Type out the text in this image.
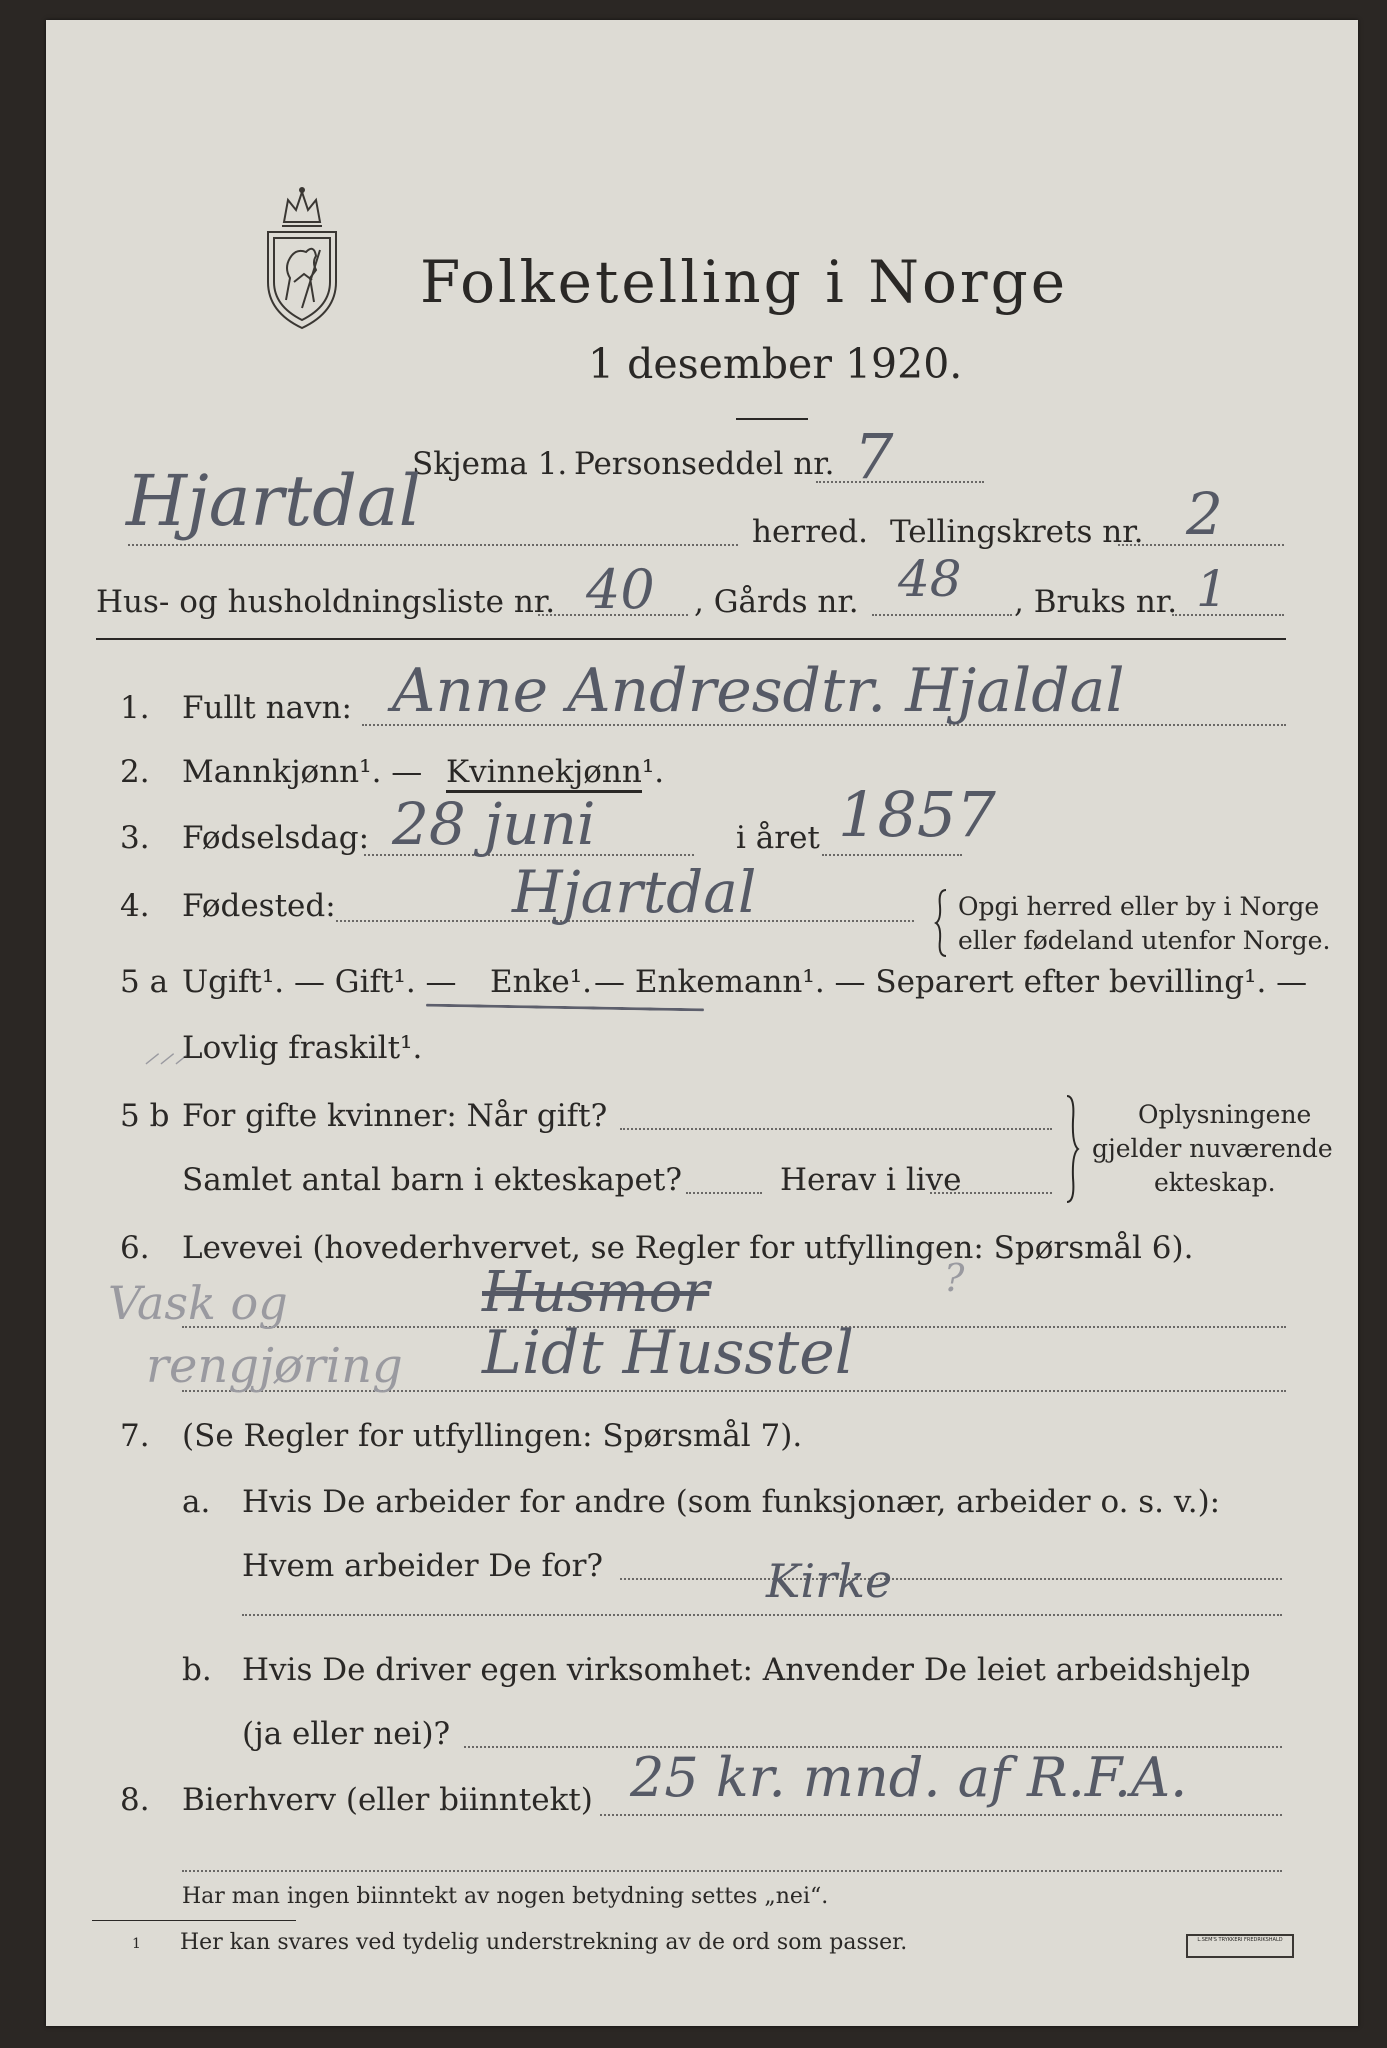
Folketelling i Norge
1 desember 1920.
Skjema 1. Personseddel nr. 7
Hjartdal	herred. Tellingskrets nr. 2
Hus- og husholdningsliste nr. 40 , Gårds nr. 48 , Bruks nr. 1
1. Fullt navn: Anne Andresdtr. Hjaldal
2. Mannkjønn¹. — Kvinnekjønn¹.
3. Fødselsdag: 28 juni	i året 1857
4. Fødested:	Hjartdal	Opgi herred eller by i Norge
eller fødeland utenfor Norge.
5 a Ugift¹. — Gift¹. — Enke¹. — Enkemann¹. — Separert efter bevilling¹. —
⸝⸝⸝
Lovlig fraskilt¹.
5 b For gifte kvinner: Når gift?
Samlet antal barn i ekteskapet?	Herav i live
Oplysningene
gjelder nuværende
ekteskap.
6. Levevei (hovederhvervet, se Regler for utfyllingen: Spørsmål 6).
Vask og	Husmor	?
rengjøring Lidt Husstel
7. (Se Regler for utfyllingen: Spørsmål 7).
a. Hvis De arbeider for andre (som funksjonær, arbeider o. s. v.):
Hvem arbeider De for?	Kirke
b. Hvis De driver egen virksomhet: Anvender De leiet arbeidshjelp
(ja eller nei)?
8. Bierhverv (eller biinntekt) 25 kr. mnd. af R.F.A.
Har man ingen biinntekt av nogen betydning settes „nei“.
1 Her kan svares ved tydelig understrekning av de ord som passer.	L.SEM'S TRYKKERI FREDRIKSHALD
